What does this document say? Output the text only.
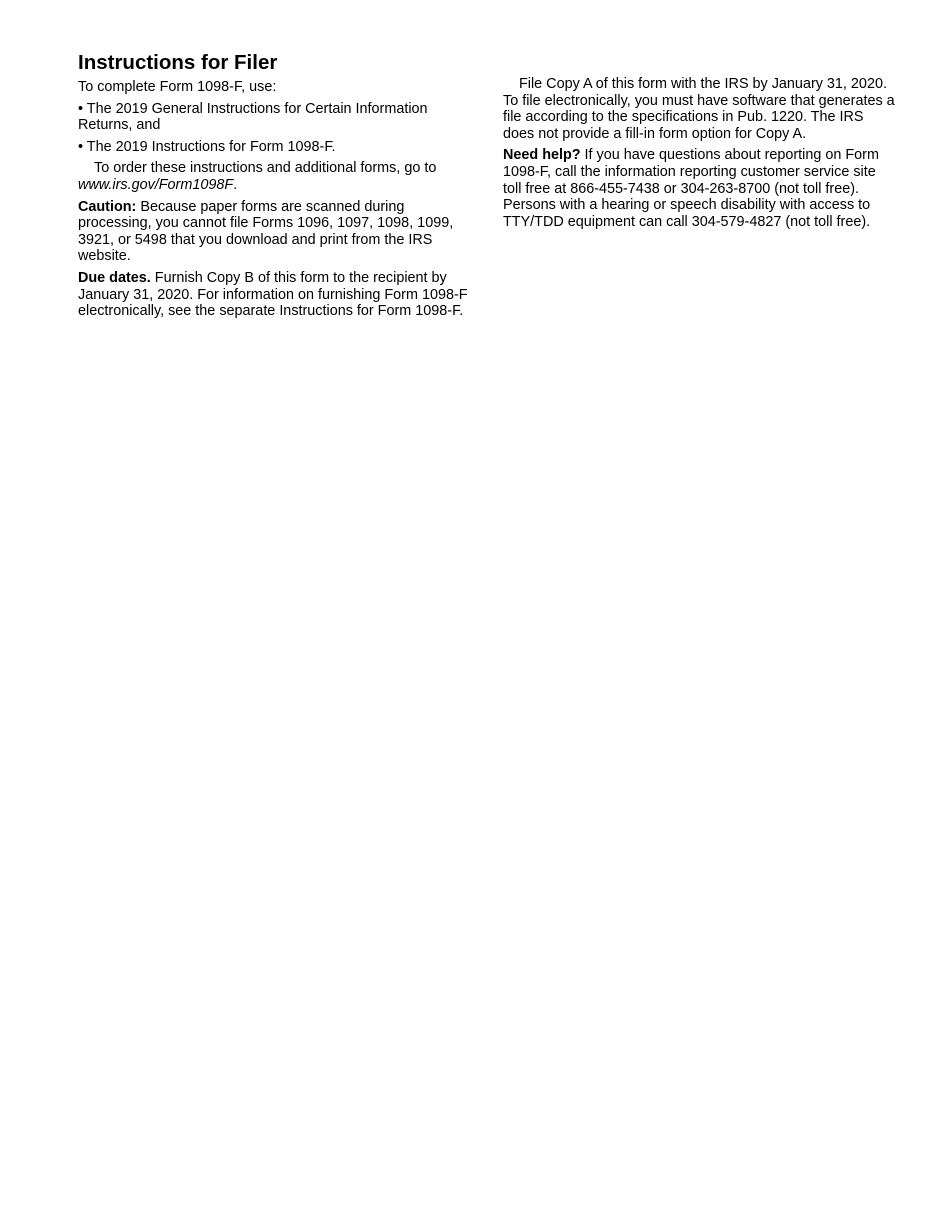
Instructions for Filer

To complete Form 1098-F, use:

• The 2019 General Instructions for Certain Information Returns, and

• The 2019 Instructions for Form 1098-F.

To order these instructions and additional forms, go to www.irs.gov/Form1098F.

Caution: Because paper forms are scanned during processing, you cannot file Forms 1096, 1097, 1098, 1099, 3921, or 5498 that you download and print from the IRS website.

Due dates. Furnish Copy B of this form to the recipient by January 31, 2020. For information on furnishing Form 1098-F electronically, see the separate Instructions for Form 1098-F.

File Copy A of this form with the IRS by January 31, 2020. To file electronically, you must have software that generates a file according to the specifications in Pub. 1220. The IRS does not provide a fill-in form option for Copy A.

Need help? If you have questions about reporting on Form 1098-F, call the information reporting customer service site toll free at 866-455-7438 or 304-263-8700 (not toll free). Persons with a hearing or speech disability with access to TTY/TDD equipment can call 304-579-4827 (not toll free).
